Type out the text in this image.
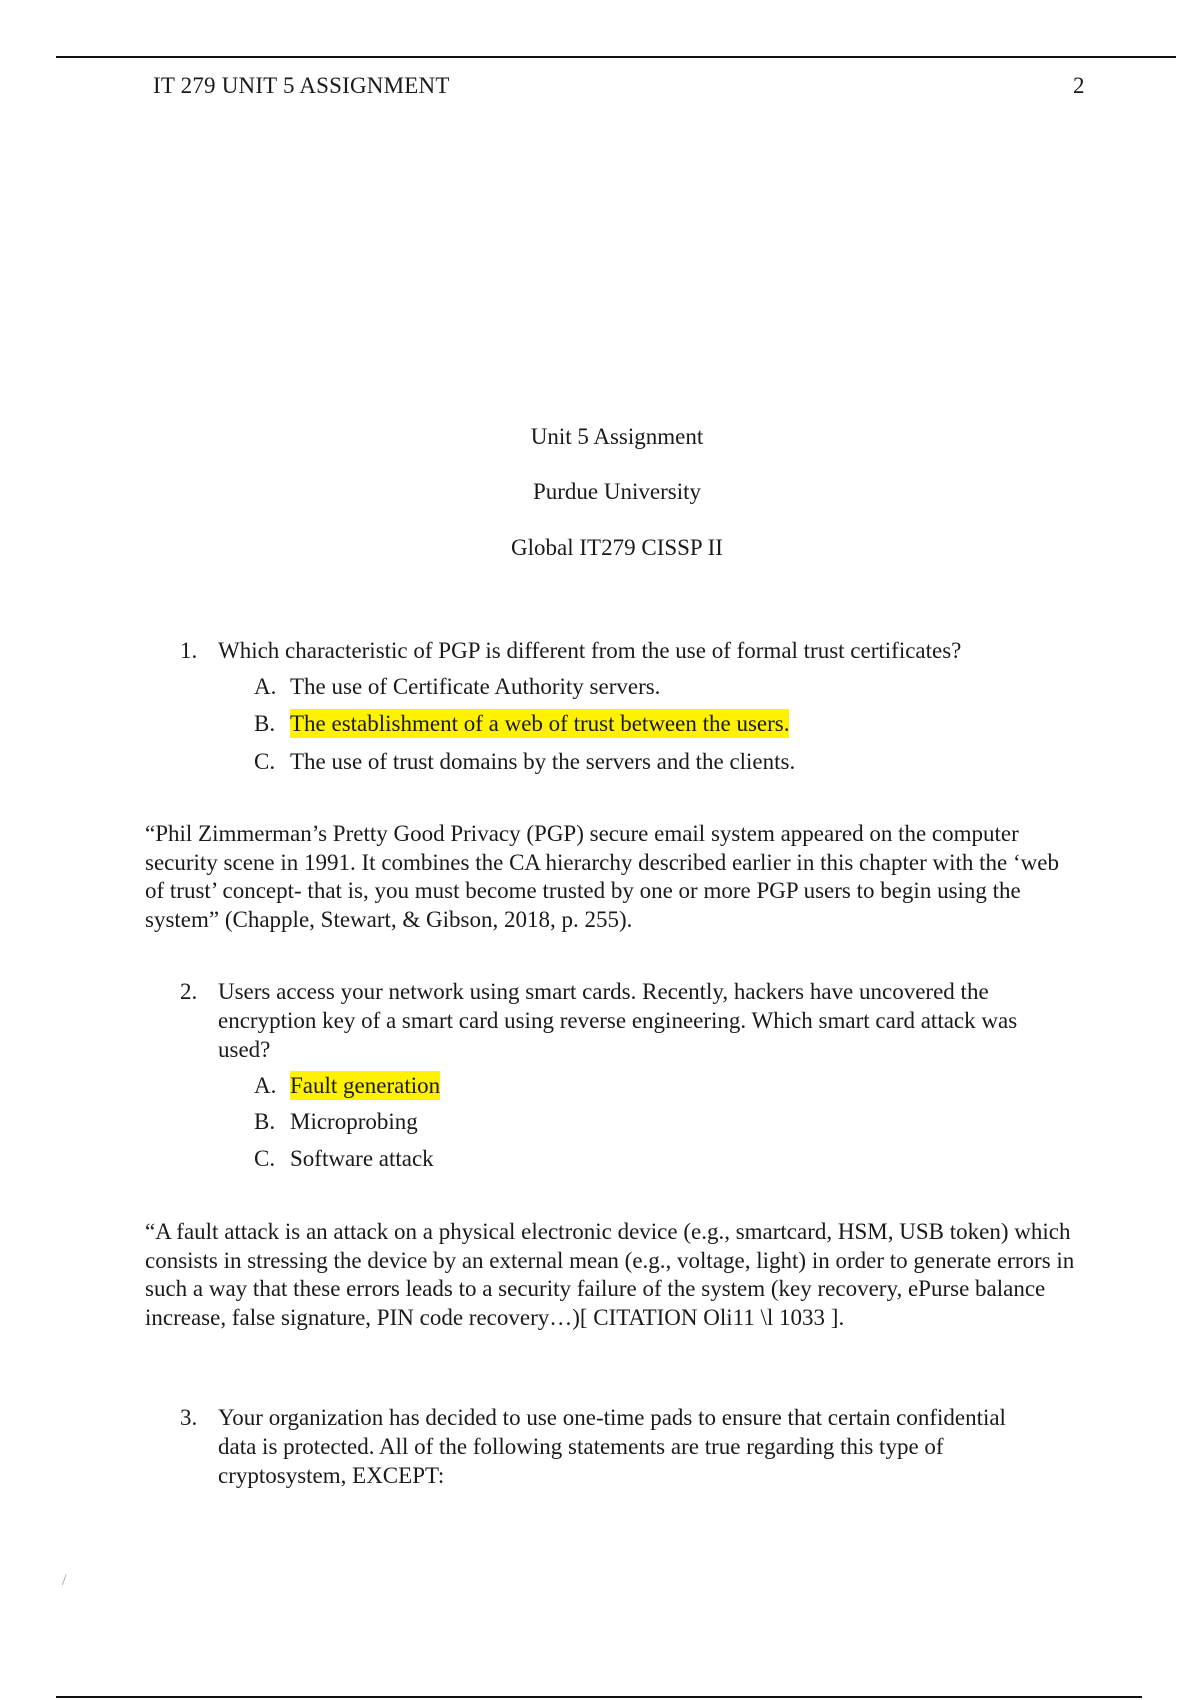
IT 279 UNIT 5 ASSIGNMENT	2
Unit 5 Assignment
Purdue University
Global IT279 CISSP II
1. Which characteristic of PGP is different from the use of formal trust certificates?
A. The use of Certificate Authority servers.
B. The establishment of a web of trust between the users.
C. The use of trust domains by the servers and the clients.
“Phil Zimmerman’s Pretty Good Privacy (PGP) secure email system appeared on the computer security scene in 1991. It combines the CA hierarchy described earlier in this chapter with the ‘web of trust’ concept- that is, you must become trusted by one or more PGP users to begin using the system” (Chapple, Stewart, & Gibson, 2018, p. 255).
2. Users access your network using smart cards. Recently, hackers have uncovered the encryption key of a smart card using reverse engineering. Which smart card attack was used?
A. Fault generation
B. Microprobing
C. Software attack
“A fault attack is an attack on a physical electronic device (e.g., smartcard, HSM, USB token) which consists in stressing the device by an external mean (e.g., voltage, light) in order to generate errors in such a way that these errors leads to a security failure of the system (key recovery, ePurse balance increase, false signature, PIN code recovery…)[ CITATION Oli11 \l 1033 ].
3. Your organization has decided to use one-time pads to ensure that certain confidential data is protected. All of the following statements are true regarding this type of cryptosystem, EXCEPT:
/
